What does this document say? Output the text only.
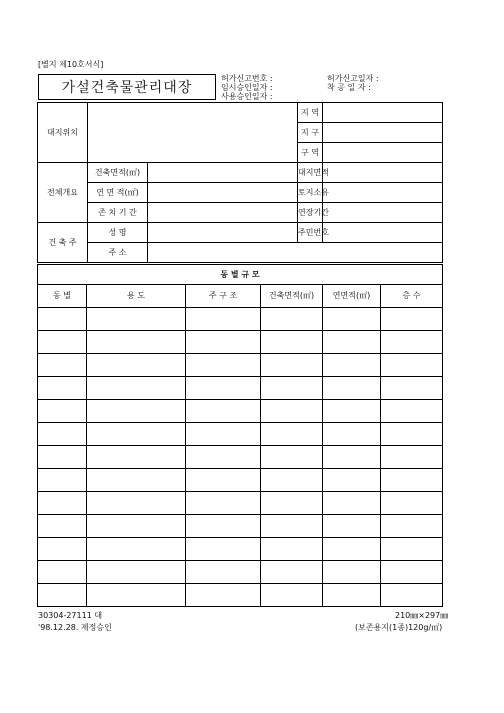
[별지 제10호서식]
가설건축물관리대장
허가신고번호 :
임시승인일자 :
사용승인일자 :
허가신고일자 :
착 공 일 자 :
대지위치			지 역	
			지 구	
			구 역	
전체개요	건축면적(㎡)		대지면적	
	연 면 적(㎡)		토지소유	
	존 치 기 간		연장기간	
건 축 주	성 명		주민번호	
	주 소			
동 별 규 모					
동 별	용 도	주 구 조	건축면적(㎡)	연면적(㎡)	층 수

30304-27111 대
'98.12.28. 제정승인
210㎜×297㎜
(보존용지(1종)120g/㎡)
